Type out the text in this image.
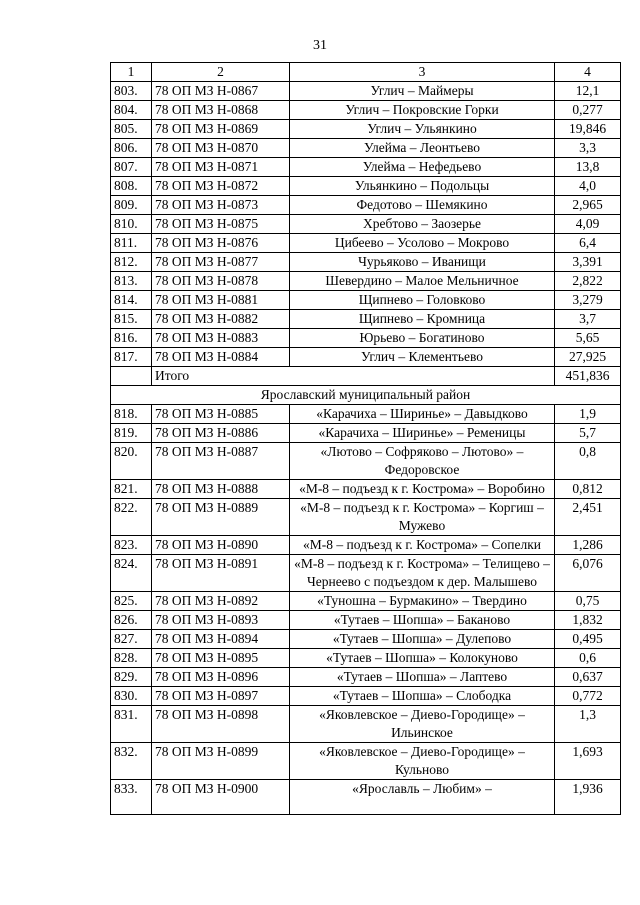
31
1	2	3	4
803.	78 ОП МЗ Н-0867	Углич – Маймеры	12,1
804.	78 ОП МЗ Н-0868	Углич – Покровские Горки	0,277
805.	78 ОП МЗ Н-0869	Углич – Ульянкино	19,846
806.	78 ОП МЗ Н-0870	Улейма – Леонтьево	3,3
807.	78 ОП МЗ Н-0871	Улейма – Нефедьево	13,8
808.	78 ОП МЗ Н-0872	Ульянкино – Подольцы	4,0
809.	78 ОП МЗ Н-0873	Федотово – Шемякино	2,965
810.	78 ОП МЗ Н-0875	Хребтово – Заозерье	4,09
811.	78 ОП МЗ Н-0876	Цибеево – Усолово – Мокрово	6,4
812.	78 ОП МЗ Н-0877	Чурьяково – Иванищи	3,391
813.	78 ОП МЗ Н-0878	Шевердино – Малое Мельничное	2,822
814.	78 ОП МЗ Н-0881	Щипнево – Головково	3,279
815.	78 ОП МЗ Н-0882	Щипнево – Кромница	3,7
816.	78 ОП МЗ Н-0883	Юрьево – Богатиново	5,65
817.	78 ОП МЗ Н-0884	Углич – Клементьево	27,925
	Итого		451,836
Ярославский муниципальный район			
818.	78 ОП МЗ Н-0885	«Карачиха – Ширинье» – Давыдково	1,9
819.	78 ОП МЗ Н-0886	«Карачиха – Ширинье» – Ременицы	5,7
820.	78 ОП МЗ Н-0887	«Лютово – Софряково – Лютово» – Федоровское	0,8
821.	78 ОП МЗ Н-0888	«М-8 – подъезд к г. Кострома» – Воробино	0,812
822.	78 ОП МЗ Н-0889	«М-8 – подъезд к г. Кострома» – Коргиш – Мужево	2,451
823.	78 ОП МЗ Н-0890	«М-8 – подъезд к г. Кострома» – Сопелки	1,286
824.	78 ОП МЗ Н-0891	«М-8 – подъезд к г. Кострома» – Телищево – Чернеево с подъездом к дер. Малышево	6,076
825.	78 ОП МЗ Н-0892	«Туношна – Бурмакино» – Твердино	0,75
826.	78 ОП МЗ Н-0893	«Тутаев – Шопша» – Баканово	1,832
827.	78 ОП МЗ Н-0894	«Тутаев – Шопша» – Дулепово	0,495
828.	78 ОП МЗ Н-0895	«Тутаев – Шопша» – Колокуново	0,6
829.	78 ОП МЗ Н-0896	«Тутаев – Шопша» – Лаптево	0,637
830.	78 ОП МЗ Н-0897	«Тутаев – Шопша» – Слободка	0,772
831.	78 ОП МЗ Н-0898	«Яковлевское – Диево-Городище» – Ильинское	1,3
832.	78 ОП МЗ Н-0899	«Яковлевское – Диево-Городище» – Кульново	1,693
833.	78 ОП МЗ Н-0900	«Ярославль – Любим» –	1,936
